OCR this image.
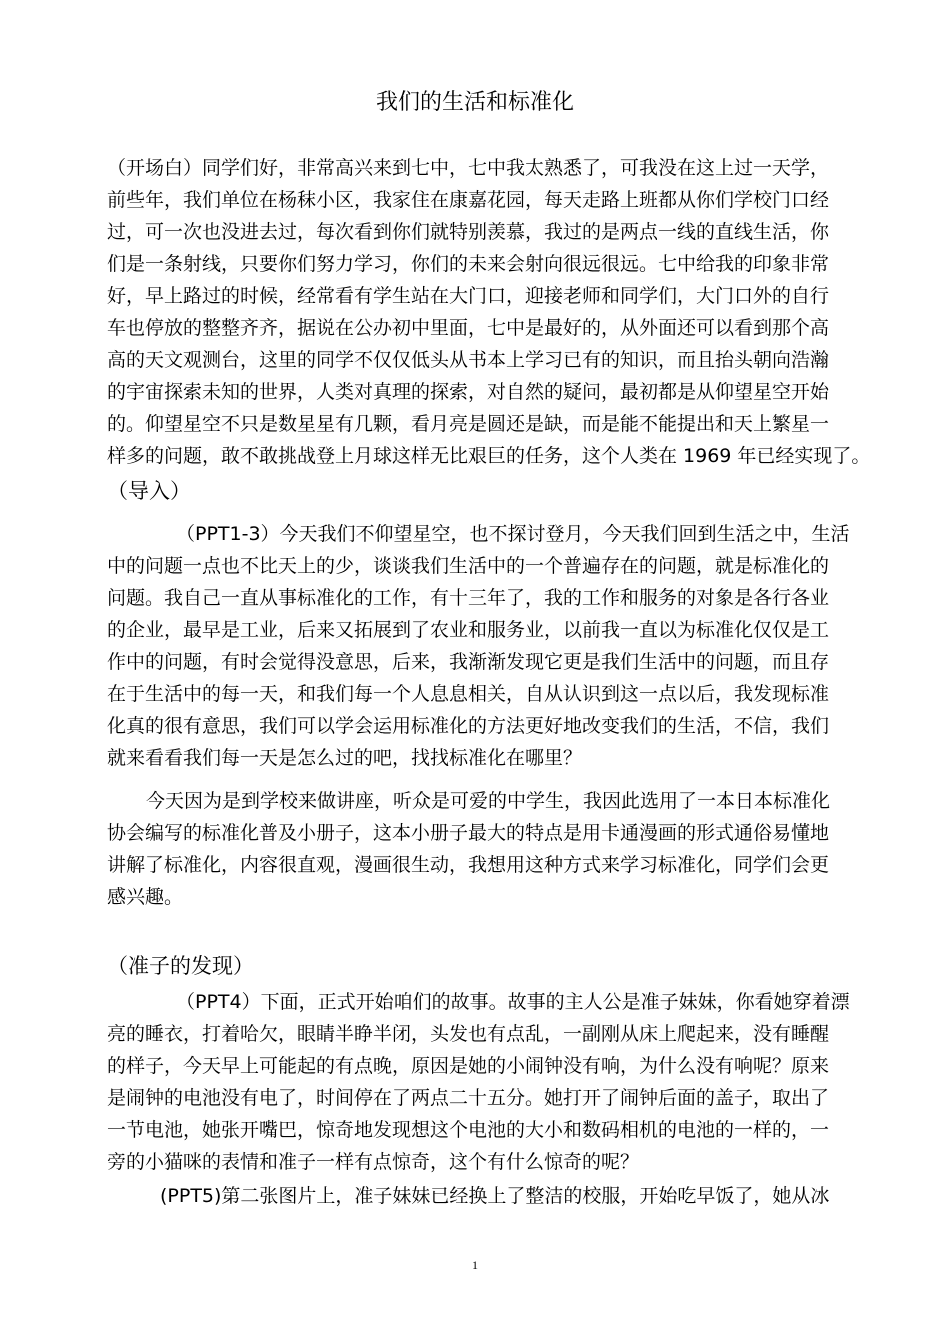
我们的生活和标准化
（开场白）同学们好，非常高兴来到七中，七中我太熟悉了，可我没在这上过一天学，
前些年，我们单位在杨秣小区，我家住在康嘉花园，每天走路上班都从你们学校门口经
过，可一次也没进去过，每次看到你们就特别羡慕，我过的是两点一线的直线生活，你
们是一条射线，只要你们努力学习，你们的未来会射向很远很远。七中给我的印象非常
好，早上路过的时候，经常看有学生站在大门口，迎接老师和同学们，大门口外的自行
车也停放的整整齐齐，据说在公办初中里面，七中是最好的，从外面还可以看到那个高
高的天文观测台，这里的同学不仅仅低头从书本上学习已有的知识，而且抬头朝向浩瀚
的宇宙探索未知的世界，人类对真理的探索，对自然的疑问，最初都是从仰望星空开始
的。仰望星空不只是数星星有几颗，看月亮是圆还是缺，而是能不能提出和天上繁星一
样多的问题，敢不敢挑战登上月球这样无比艰巨的任务，这个人类在 1969 年已经实现了。
（导入）
（PPT1-3）今天我们不仰望星空，也不探讨登月，今天我们回到生活之中，生活
中的问题一点也不比天上的少，谈谈我们生活中的一个普遍存在的问题，就是标准化的
问题。我自己一直从事标准化的工作，有十三年了，我的工作和服务的对象是各行各业
的企业，最早是工业，后来又拓展到了农业和服务业，以前我一直以为标准化仅仅是工
作中的问题，有时会觉得没意思，后来，我渐渐发现它更是我们生活中的问题，而且存
在于生活中的每一天，和我们每一个人息息相关，自从认识到这一点以后，我发现标准
化真的很有意思，我们可以学会运用标准化的方法更好地改变我们的生活，不信，我们
就来看看我们每一天是怎么过的吧，找找标准化在哪里？
今天因为是到学校来做讲座，听众是可爱的中学生，我因此选用了一本日本标准化
协会编写的标准化普及小册子，这本小册子最大的特点是用卡通漫画的形式通俗易懂地
讲解了标准化，内容很直观，漫画很生动，我想用这种方式来学习标准化，同学们会更
感兴趣。
（准子的发现）
（PPT4）下面，正式开始咱们的故事。故事的主人公是准子妹妹，你看她穿着漂
亮的睡衣，打着哈欠，眼睛半睁半闭，头发也有点乱，一副刚从床上爬起来，没有睡醒
的样子，今天早上可能起的有点晚，原因是她的小闹钟没有响，为什么没有响呢？原来
是闹钟的电池没有电了，时间停在了两点二十五分。她打开了闹钟后面的盖子，取出了
一节电池，她张开嘴巴，惊奇地发现想这个电池的大小和数码相机的电池的一样的，一
旁的小猫咪的表情和准子一样有点惊奇，这个有什么惊奇的呢？
(PPT5)第二张图片上，准子妹妹已经换上了整洁的校服，开始吃早饭了，她从冰
1
